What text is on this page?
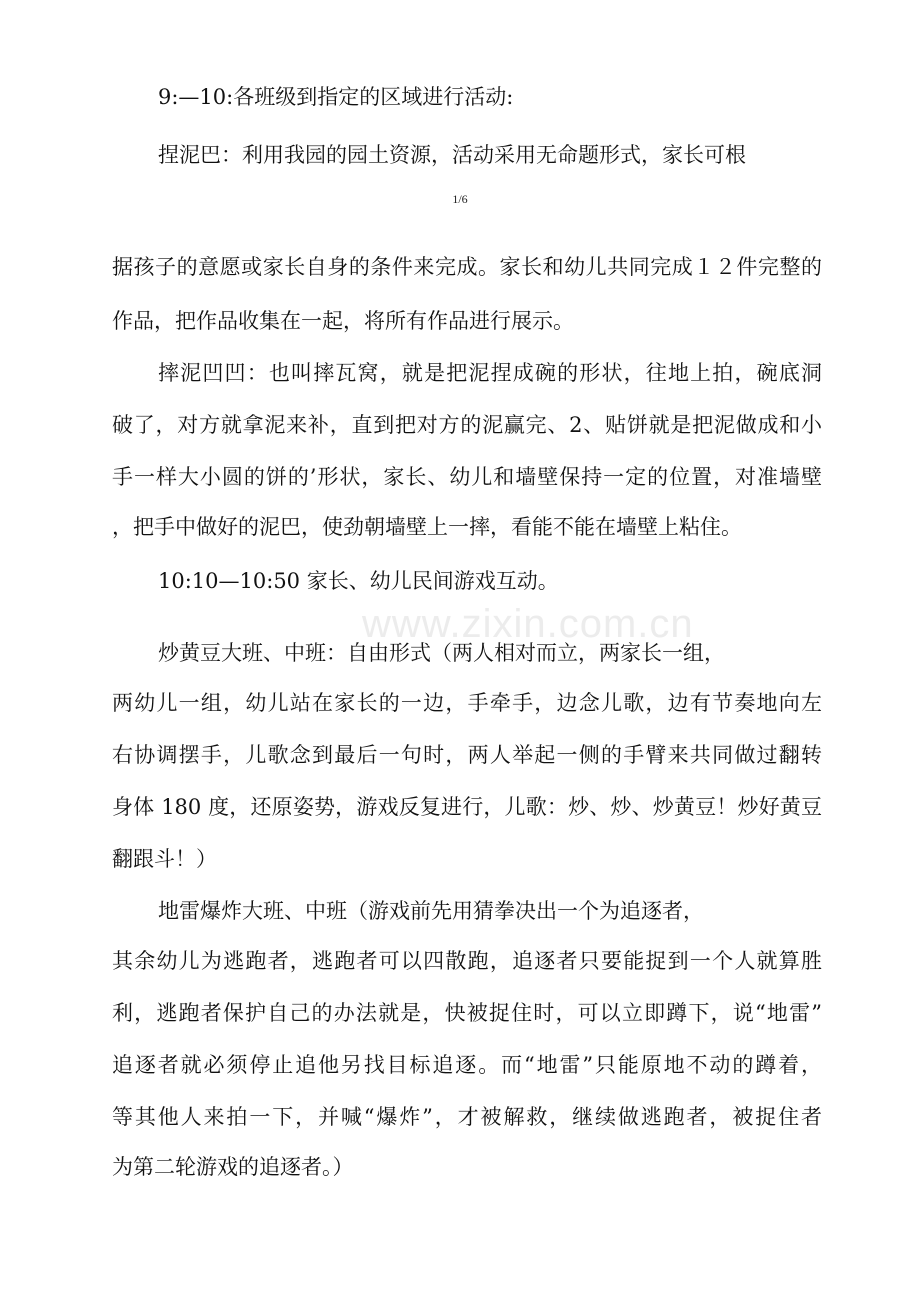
www.zixin.com.cn
9:—10:各班级到指定的区域进行活动:
捏泥巴：利用我园的园土资源，活动采用无命题形式，家长可根
1/6
据孩子的意愿或家长自身的条件来完成。家长和幼儿共同完成１２件完整的
作品，把作品收集在一起，将所有作品进行展示。
摔泥凹凹：也叫摔瓦窝，就是把泥捏成碗的形状，往地上拍，碗底洞
破了，对方就拿泥来补，直到把对方的泥赢完、2、贴饼就是把泥做成和小
手一样大小圆的饼的’形状，家长、幼儿和墙壁保持一定的位置，对准墙壁
，把手中做好的泥巴，使劲朝墙壁上一摔，看能不能在墙壁上粘住。
10:10—10:50 家长、幼儿民间游戏互动。
炒黄豆大班、中班：自由形式（两人相对而立，两家长一组，
两幼儿一组，幼儿站在家长的一边，手牵手，边念儿歌，边有节奏地向左
右协调摆手，儿歌念到最后一句时，两人举起一侧的手臂来共同做过翻转
身体 180 度，还原姿势，游戏反复进行，儿歌：炒、炒、炒黄豆！炒好黄豆
翻跟斗！）
地雷爆炸大班、中班（游戏前先用猜拳决出一个为追逐者，
其余幼儿为逃跑者，逃跑者可以四散跑，追逐者只要能捉到一个人就算胜
利，逃跑者保护自己的办法就是，快被捉住时，可以立即蹲下，说“地雷”
追逐者就必须停止追他另找目标追逐。而“地雷”只能原地不动的蹲着，
等其他人来拍一下，并喊“爆炸”，才被解救，继续做逃跑者，被捉住者
为第二轮游戏的追逐者。）
